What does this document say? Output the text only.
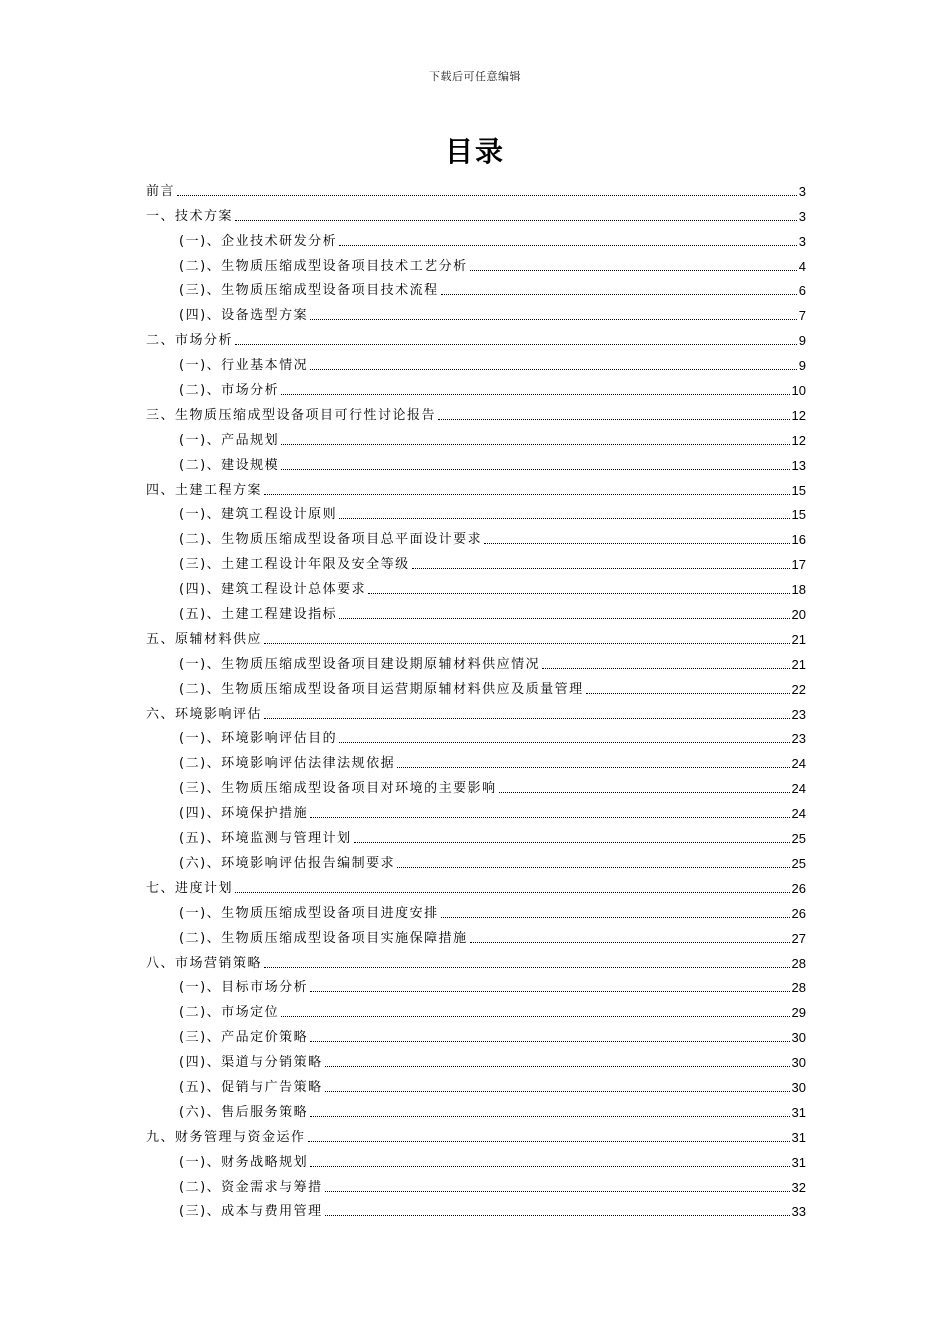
下载后可任意编辑
目录
前言	3
一、技术方案	3
(一)、企业技术研发分析	3
(二)、生物质压缩成型设备项目技术工艺分析	4
(三)、生物质压缩成型设备项目技术流程	6
(四)、设备选型方案	7
二、市场分析	9
(一)、行业基本情况	9
(二)、市场分析	10
三、生物质压缩成型设备项目可行性讨论报告	12
(一)、产品规划	12
(二)、建设规模	13
四、土建工程方案	15
(一)、建筑工程设计原则	15
(二)、生物质压缩成型设备项目总平面设计要求	16
(三)、土建工程设计年限及安全等级	17
(四)、建筑工程设计总体要求	18
(五)、土建工程建设指标	20
五、原辅材料供应	21
(一)、生物质压缩成型设备项目建设期原辅材料供应情况	21
(二)、生物质压缩成型设备项目运营期原辅材料供应及质量管理	22
六、环境影响评估	23
(一)、环境影响评估目的	23
(二)、环境影响评估法律法规依据	24
(三)、生物质压缩成型设备项目对环境的主要影响	24
(四)、环境保护措施	24
(五)、环境监测与管理计划	25
(六)、环境影响评估报告编制要求	25
七、进度计划	26
(一)、生物质压缩成型设备项目进度安排	26
(二)、生物质压缩成型设备项目实施保障措施	27
八、市场营销策略	28
(一)、目标市场分析	28
(二)、市场定位	29
(三)、产品定价策略	30
(四)、渠道与分销策略	30
(五)、促销与广告策略	30
(六)、售后服务策略	31
九、财务管理与资金运作	31
(一)、财务战略规划	31
(二)、资金需求与筹措	32
(三)、成本与费用管理	33
